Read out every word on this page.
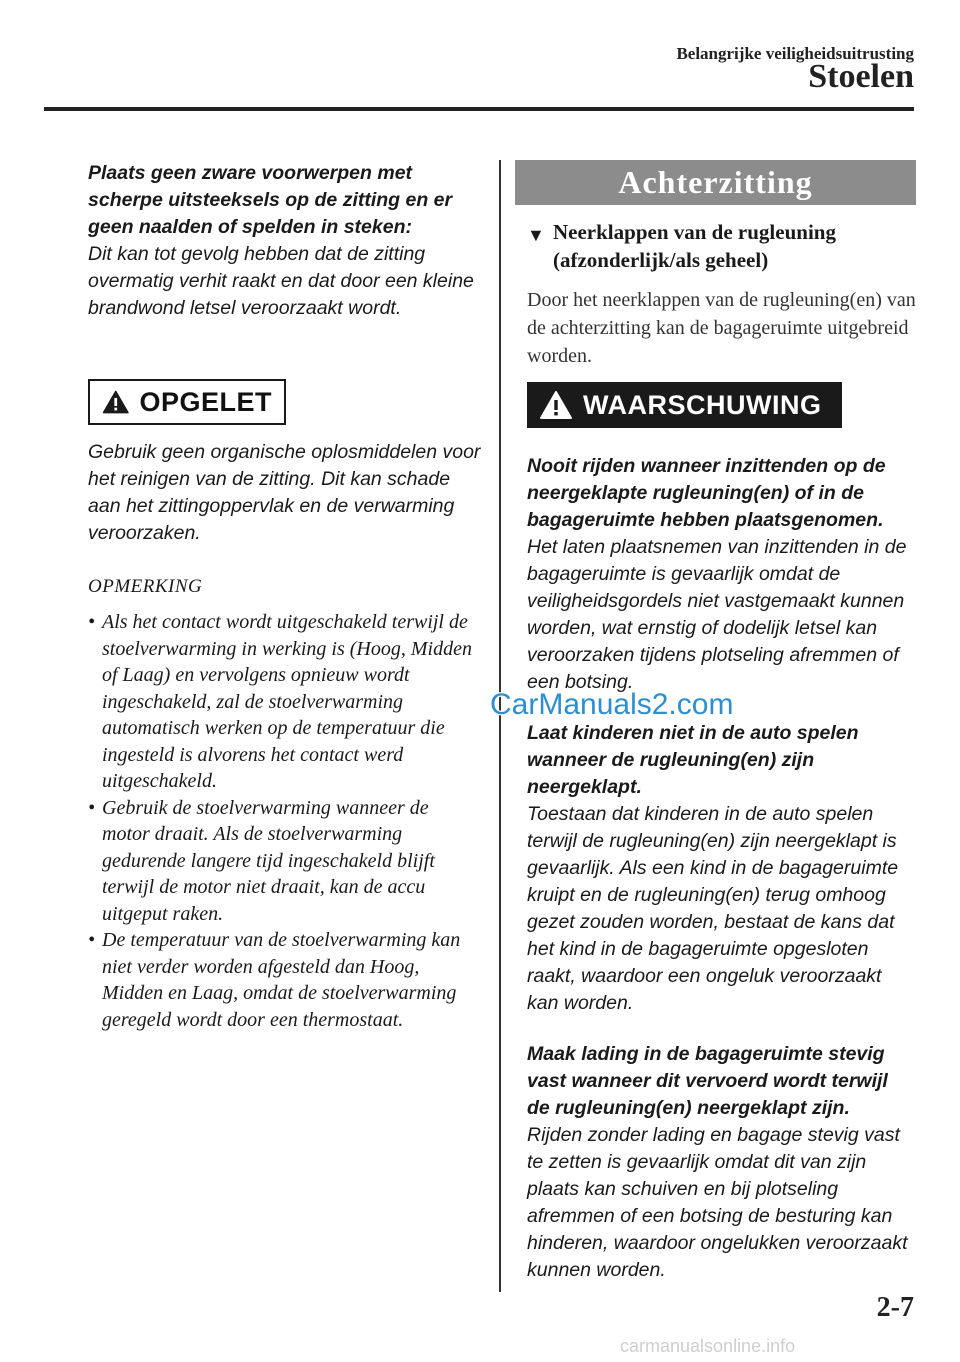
Belangrijke veiligheidsuitrusting
Stoelen

Plaats geen zware voorwerpen met scherpe uitsteeksels op de zitting en er geen naalden of spelden in steken:

Dit kan tot gevolg hebben dat de zitting overmatig verhit raakt en dat door een kleine brandwond letsel veroorzaakt wordt.

OPGELET

Gebruik geen organische oplosmiddelen voor het reinigen van de zitting. Dit kan schade aan het zittingoppervlak en de verwarming veroorzaken.

OPMERKING
• Als het contact wordt uitgeschakeld terwijl de stoelverwarming in werking is (Hoog, Midden of Laag) en vervolgens opnieuw wordt ingeschakeld, zal de stoelverwarming automatisch werken op de temperatuur die ingesteld is alvorens het contact werd uitgeschakeld.
• Gebruik de stoelverwarming wanneer de motor draait. Als de stoelverwarming gedurende langere tijd ingeschakeld blijft terwijl de motor niet draait, kan de accu uitgeput raken.
• De temperatuur van de stoelverwarming kan niet verder worden afgesteld dan Hoog, Midden en Laag, omdat de stoelverwarming geregeld wordt door een thermostaat.
Achterzitting
▼ Neerklappen van de rugleuning (afzonderlijk/als geheel)

Door het neerklappen van de rugleuning(en) van de achterzitting kan de bagageruimte uitgebreid worden.

WAARSCHUWING

Nooit rijden wanneer inzittenden op de neergeklapte rugleuning(en) of in de bagageruimte hebben plaatsgenomen.

Het laten plaatsnemen van inzittenden in de bagageruimte is gevaarlijk omdat de veiligheidsgordels niet vastgemaakt kunnen worden, wat ernstig of dodelijk letsel kan veroorzaken tijdens plotseling afremmen of een botsing.

Laat kinderen niet in de auto spelen wanneer de rugleuning(en) zijn neergeklapt.

Toestaan dat kinderen in de auto spelen terwijl de rugleuning(en) zijn neergeklapt is gevaarlijk. Als een kind in de bagageruimte kruipt en de rugleuning(en) terug omhoog gezet zouden worden, bestaat de kans dat het kind in de bagageruimte opgesloten raakt, waardoor een ongeluk veroorzaakt kan worden.

Maak lading in de bagageruimte stevig vast wanneer dit vervoerd wordt terwijl de rugleuning(en) neergeklapt zijn.

Rijden zonder lading en bagage stevig vast te zetten is gevaarlijk omdat dit van zijn plaats kan schuiven en bij plotseling afremmen of een botsing de besturing kan hinderen, waardoor ongelukken veroorzaakt kunnen worden.

CarManuals2.com
2-7
carmanualsonline.info
